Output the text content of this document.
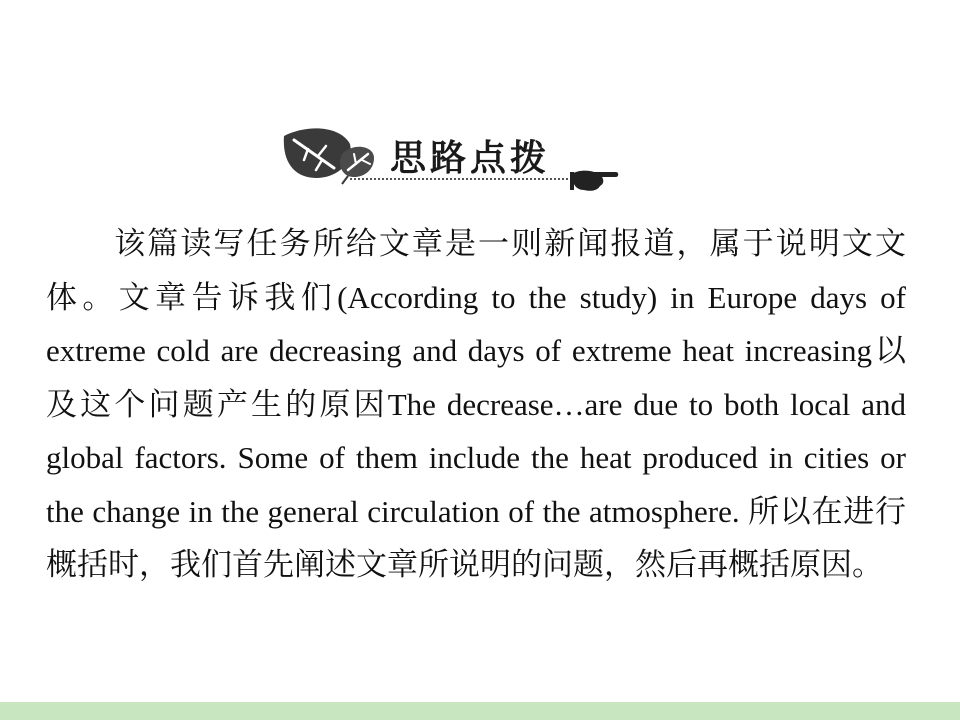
思路点拨
该篇读写任务所给文章是一则新闻报道，属于说明文文体。文章告诉我们(According to the study) in Europe days of extreme cold are decreasing and days of extreme heat increasing以及这个问题产生的原因The decrease…are due to both local and global factors. Some of them include the heat produced in cities or the change in the general circulation of the atmosphere. 所以在进行概括时，我们首先阐述文章所说明的问题，然后再概括原因。
